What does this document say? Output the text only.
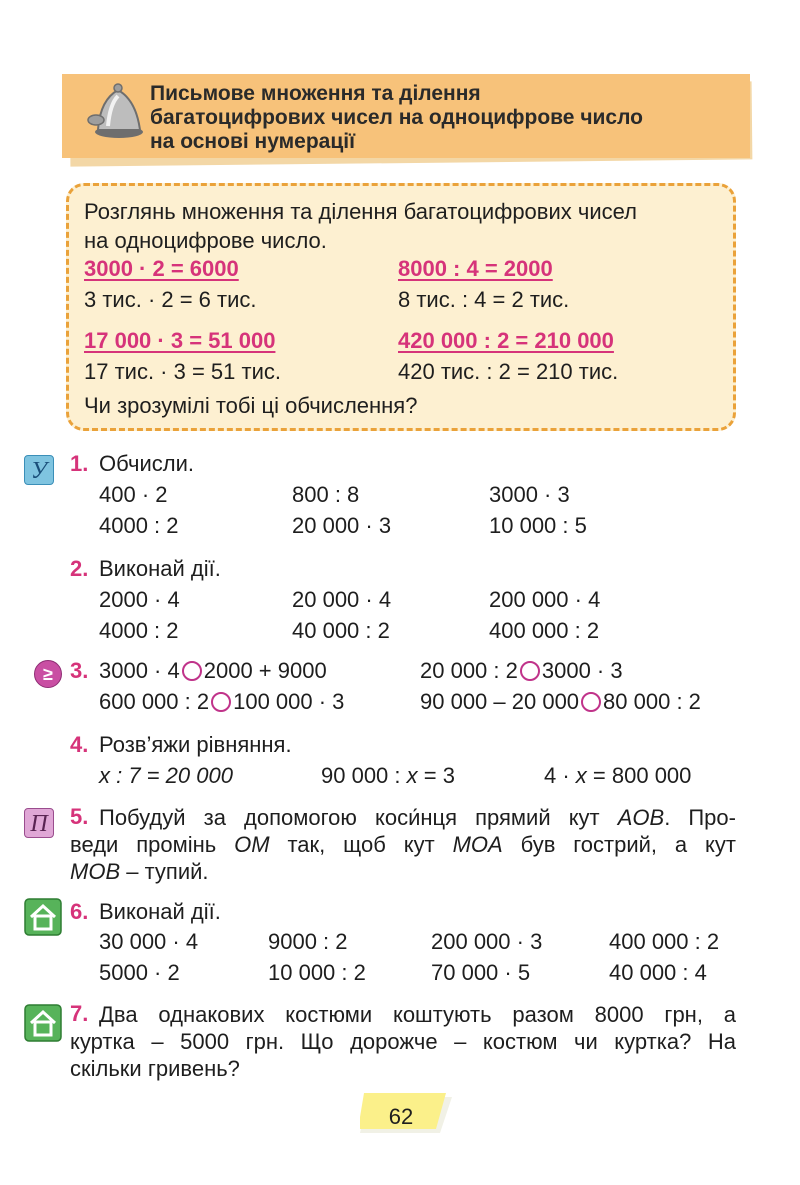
Письмове множення та ділення
багатоцифрових чисел на одноцифрове число
на основі нумерації
Розглянь множення та ділення багатоцифрових чисел
на одноцифрове число.
3000 · 2 = 6000
3 тис. · 2 = 6 тис.
8000 : 4 = 2000
8 тис. : 4 = 2 тис.
17 000 · 3 = 51 000
17 тис. · 3 = 51 тис.
420 000 : 2 = 210 000
420 тис. : 2 = 210 тис.
Чи зрозумілі тобі ці обчислення?
У 1. Обчисли.
400 · 2	800 : 8	3000 · 3
4000 : 2	20 000 · 3	10 000 : 5
2. Виконай дії.
2000 · 4	20 000 · 4	200 000 · 4
4000 : 2	40 000 : 2	400 000 : 2
≥ 3. 3000 · 4 2000 + 9000	20 000 : 2 3000 · 3
600 000 : 2 100 000 · 3	90 000 – 20 000 80 000 : 2
4. Розв’яжи рівняння.
x : 7 = 20 000	90 000 : x = 3	4 · x = 800 000
П 5. Побудуй за допомогою коси́нця прямий кут AOB. Про-
веди промінь OM так, щоб кут MOA був гострий, а кут
MOB – тупий.
6. Виконай дії.
30 000 · 4	9000 : 2	200 000 · 3	400 000 : 2
5000 · 2	10 000 : 2	70 000 · 5	40 000 : 4
7. Два однакових костюми коштують разом 8000 грн, а
куртка – 5000 грн. Що дорожче – костюм чи куртка? На
скільки гривень?
62
